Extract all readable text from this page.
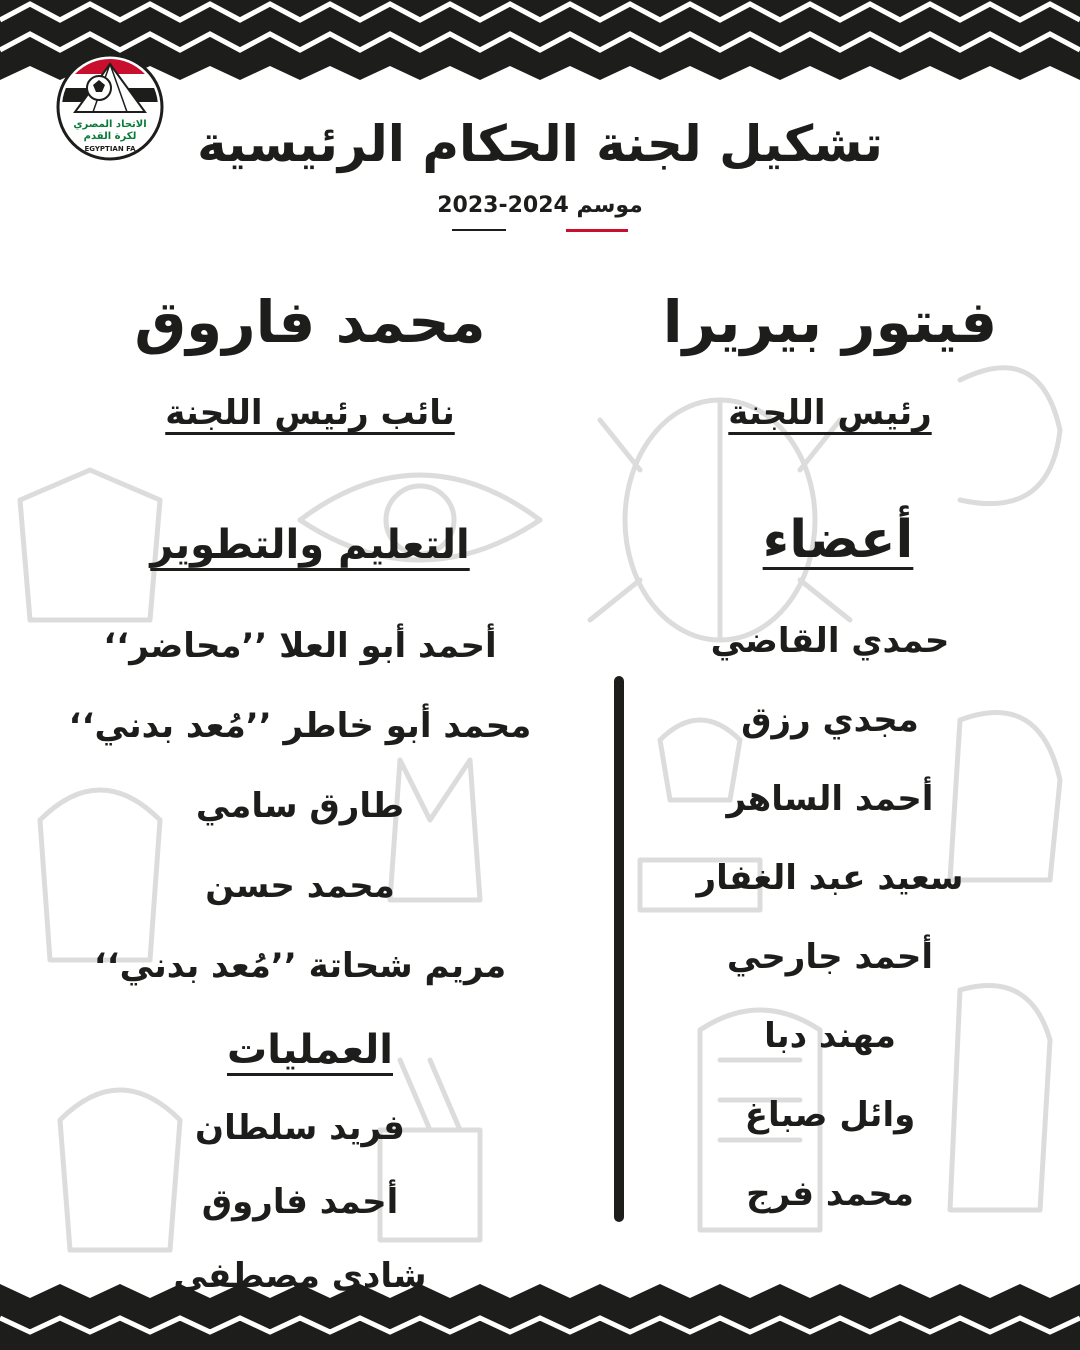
الاتحاد المصري
لكرة القدم
EGYPTIAN FA	تشكيل لجنة الحكام الرئيسية
موسم 2024-2023
فيتور بيريرا
رئيس اللجنة
محمد فاروق
نائب رئيس اللجنة
أعضاء
حمدي القاضي
مجدي رزق
أحمد الساهر
سعيد عبد الغفار
أحمد جارحي
مهند دبا
وائل صباغ
محمد فرج
التعليم والتطوير
أحمد أبو العلا ’’محاضر‘‘
محمد أبو خاطر ’’مُعد بدني‘‘
طارق سامي
محمد حسن
مريم شحاتة ’’مُعد بدني‘‘
العمليات
فريد سلطان
أحمد فاروق
شادي مصطفى
